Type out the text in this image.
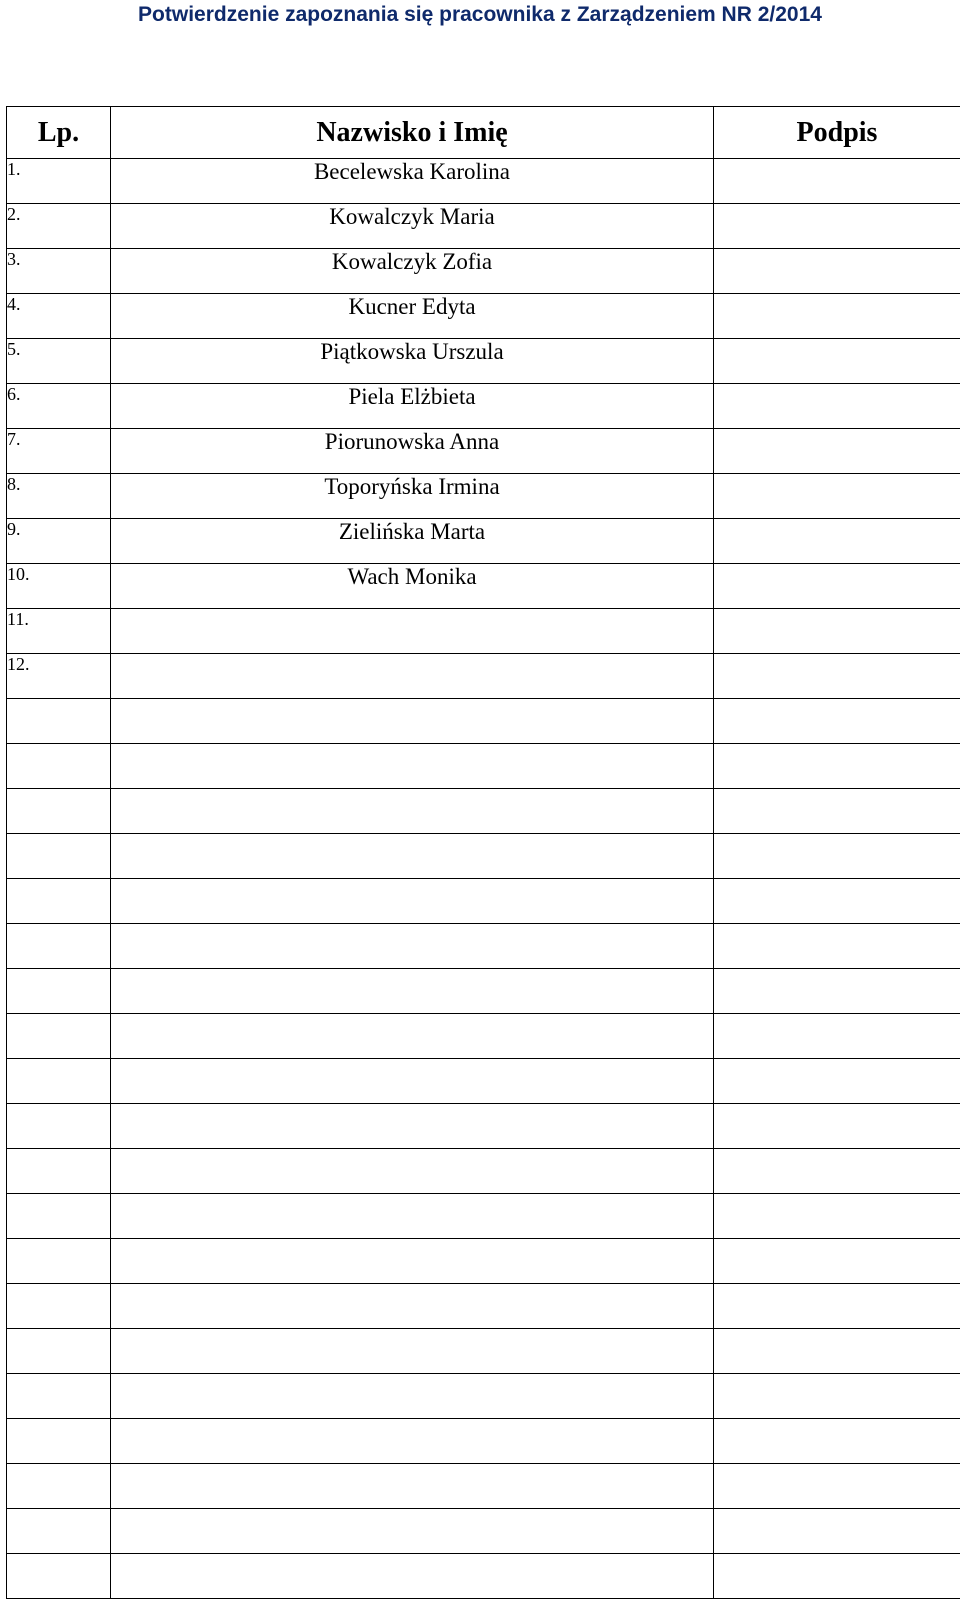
Potwierdzenie zapoznania się pracownika z Zarządzeniem NR 2/2014
Lp.	Nazwisko i Imię	Podpis
1.	Becelewska Karolina	
2.	Kowalczyk Maria	
3.	Kowalczyk Zofia	
4.	Kucner Edyta	
5.	Piątkowska Urszula	
6.	Piela Elżbieta	
7.	Piorunowska Anna	
8.	Toporyńska Irmina	
9.	Zielińska Marta	
10.	Wach Monika	
11.		
12.		
